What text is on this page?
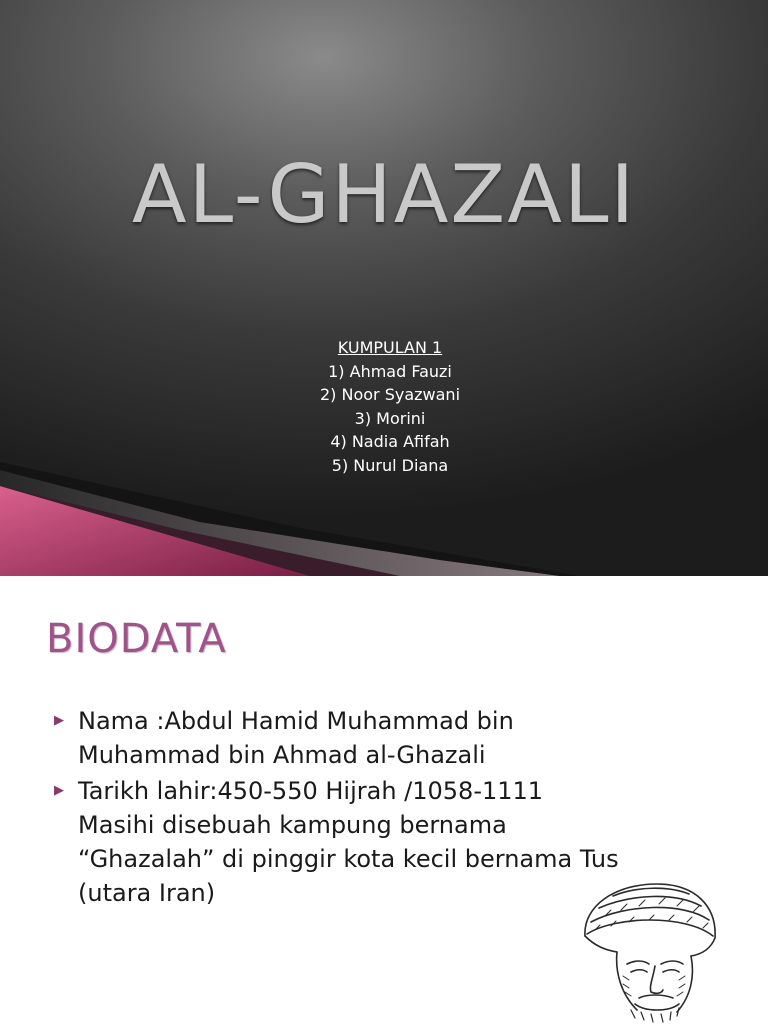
AL-GHAZALI
KUMPULAN 1
1) Ahmad Fauzi
2) Noor Syazwani
3) Morini
4) Nadia Afifah
5) Nurul Diana
BIODATA
▶ Nama :Abdul Hamid Muhammad bin
Muhammad bin Ahmad al-Ghazali
▶ Tarikh lahir:450-550 Hijrah /1058-1111
Masihi disebuah kampung bernama
“Ghazalah” di pinggir kota kecil bernama Tus
(utara Iran)
